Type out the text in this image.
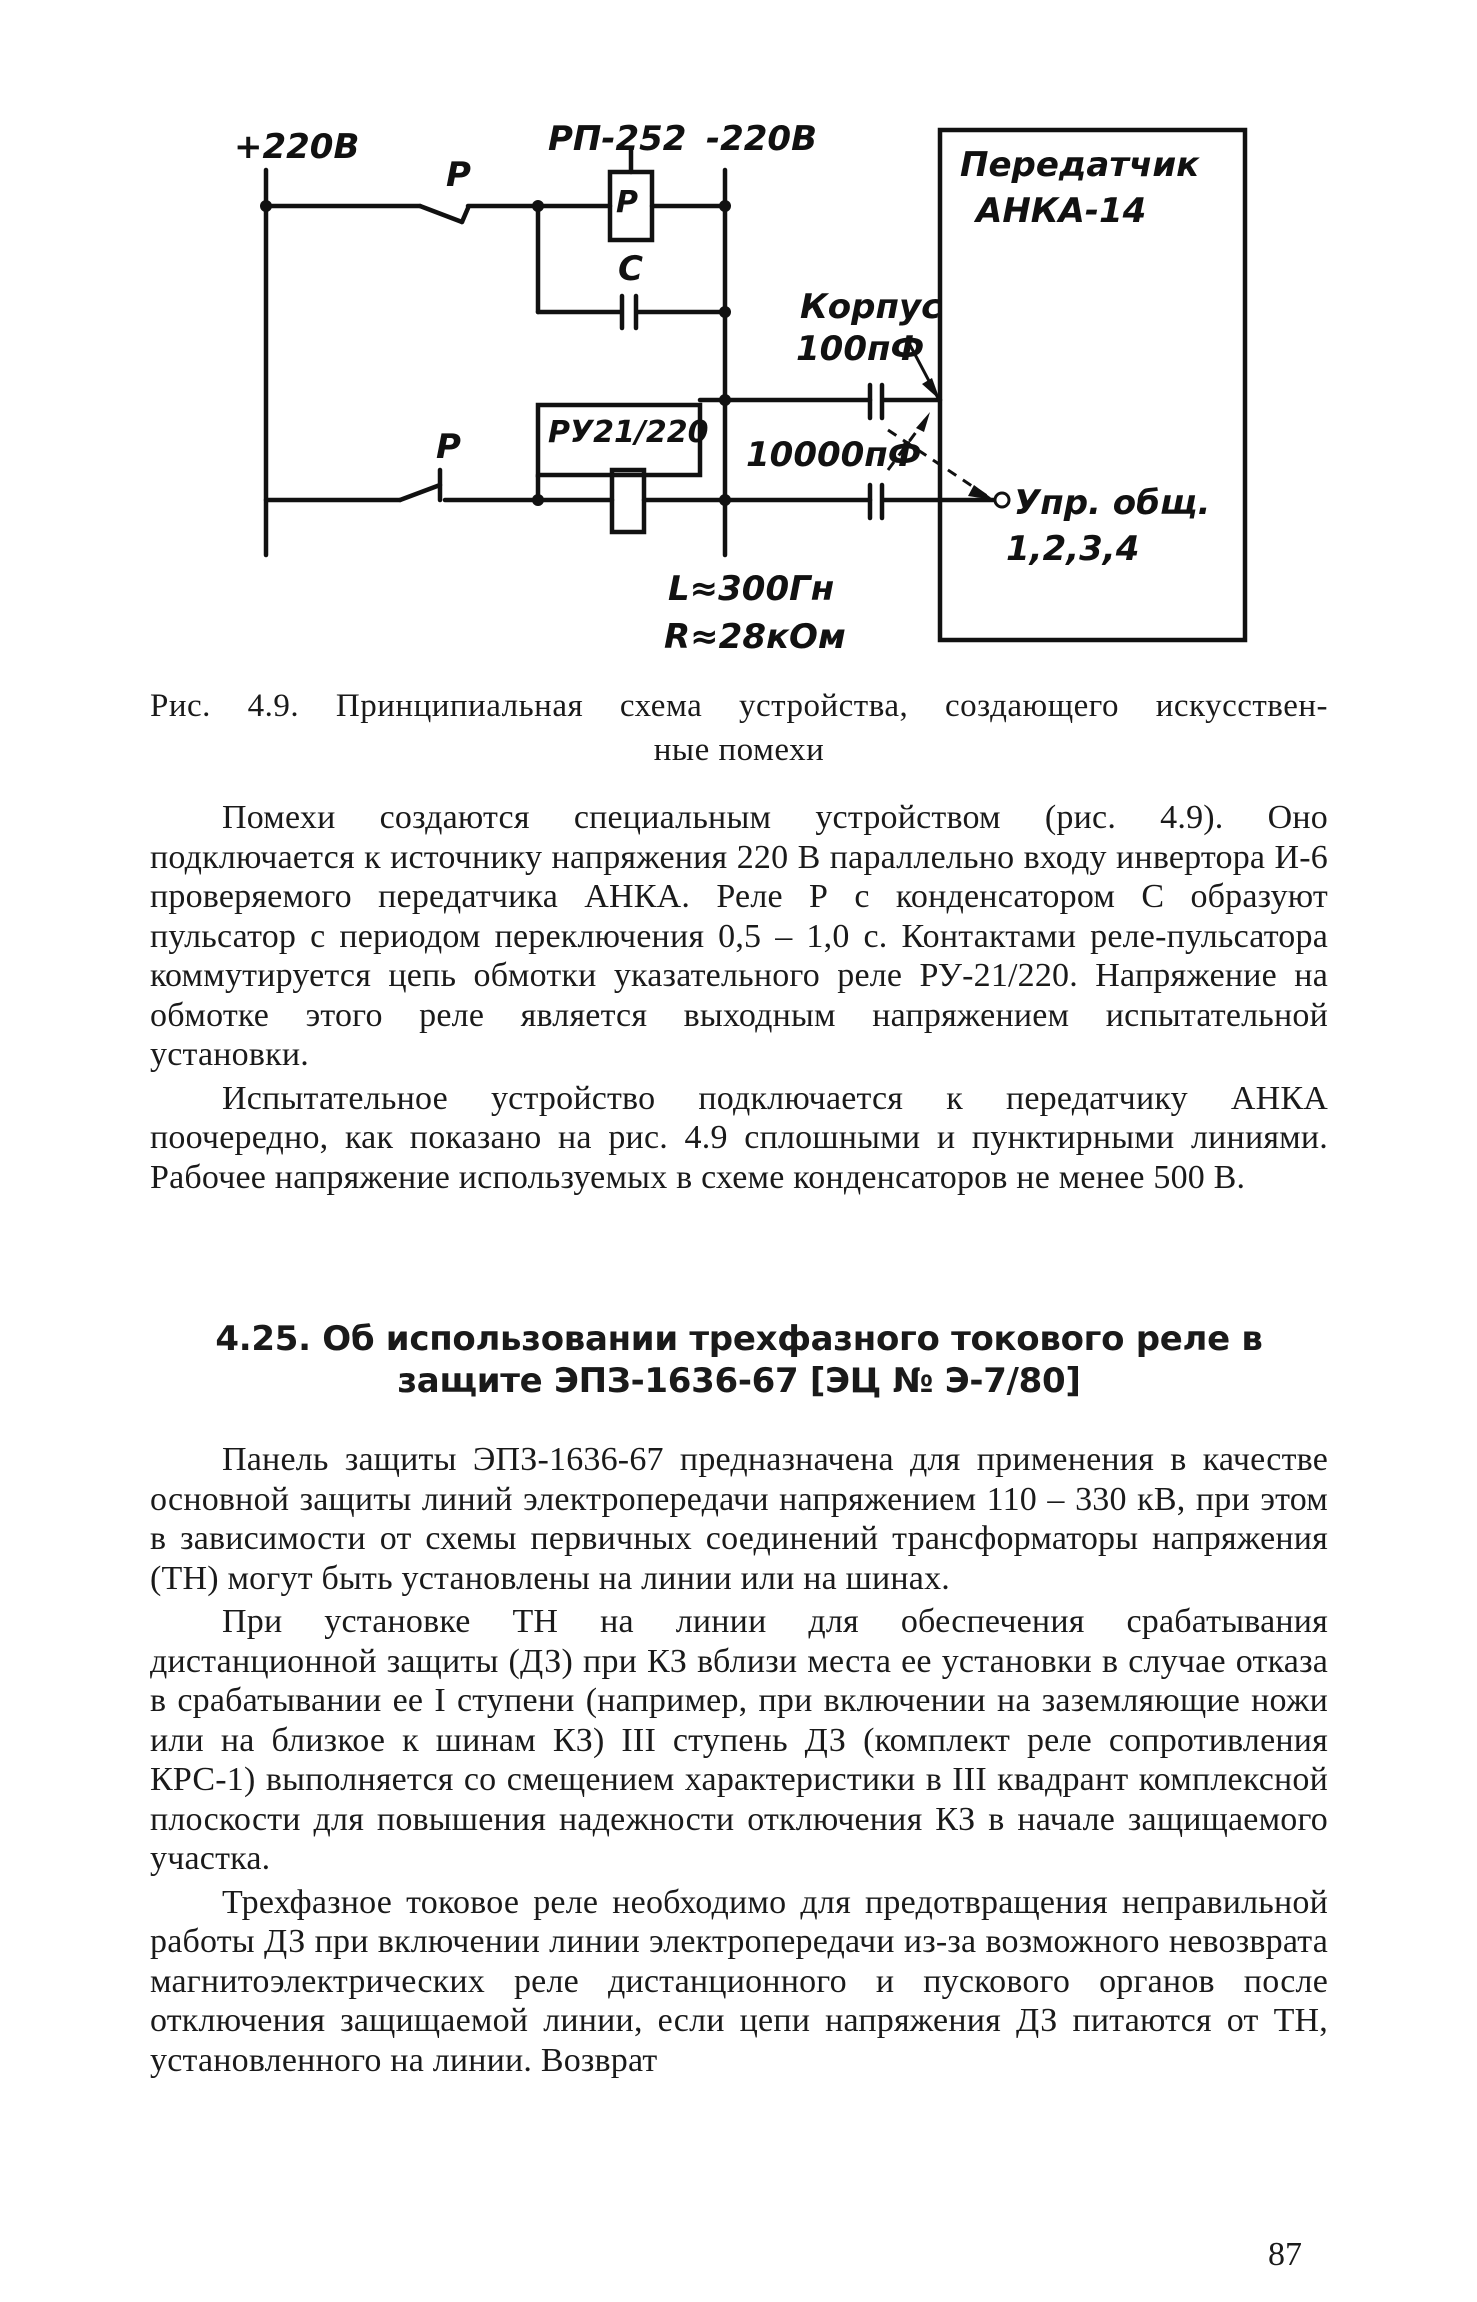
+220В	РП-252 -220В
Р
Р
С
Корпус
100пФ
РУ21/220
Р	10000пФ
Упр. общ.
1,2,3,4
L≈300Гн
R≈28кОм
Передатчик
АНКА-14
Рис. 4.9. Принципиальная схема устройства, создающего искусствен-
ные помехи

Помехи создаются специальным устройством (рис. 4.9). Оно подключается к источнику напряжения 220 В параллельно входу инвертора И-6 проверяемого передатчика АНКА. Реле Р с конденсатором С образуют пульсатор с периодом переключения 0,5 – 1,0 с. Контактами реле-пульсатора коммутируется цепь обмотки указательного реле РУ-21/220. Напряжение на обмотке этого реле является выходным напряжением испытательной установки.

Испытательное устройство подключается к передатчику АНКА поочередно, как показано на рис. 4.9 сплошными и пунктирными линиями. Рабочее напряжение используемых в схеме конденсаторов не менее 500 В.

4.25. Об использовании трехфазного токового реле в
защите ЭПЗ-1636-67 [ЭЦ № Э-7/80]

Панель защиты ЭПЗ-1636-67 предназначена для применения в качестве основной защиты линий электропередачи напряжением 110 – 330 кВ, при этом в зависимости от схемы первичных соединений трансформаторы напряжения (ТН) могут быть установлены на линии или на шинах.

При установке ТН на линии для обеспечения срабатывания дистанционной защиты (ДЗ) при КЗ вблизи места ее установки в случае отказа в срабатывании ее I ступени (например, при включении на заземляющие ножи или на близкое к шинам КЗ) III ступень ДЗ (комплект реле сопротивления КРС-1) выполняется со смещением характеристики в III квадрант комплексной плоскости для повышения надежности отключения КЗ в начале защищаемого участка.

Трехфазное токовое реле необходимо для предотвращения неправильной работы ДЗ при включении линии электропередачи из-за возможного невозврата магнитоэлектрических реле дистанционного и пускового органов после отключения защищаемой линии, если цепи напряжения ДЗ питаются от ТН, установленного на линии. Возврат

87
